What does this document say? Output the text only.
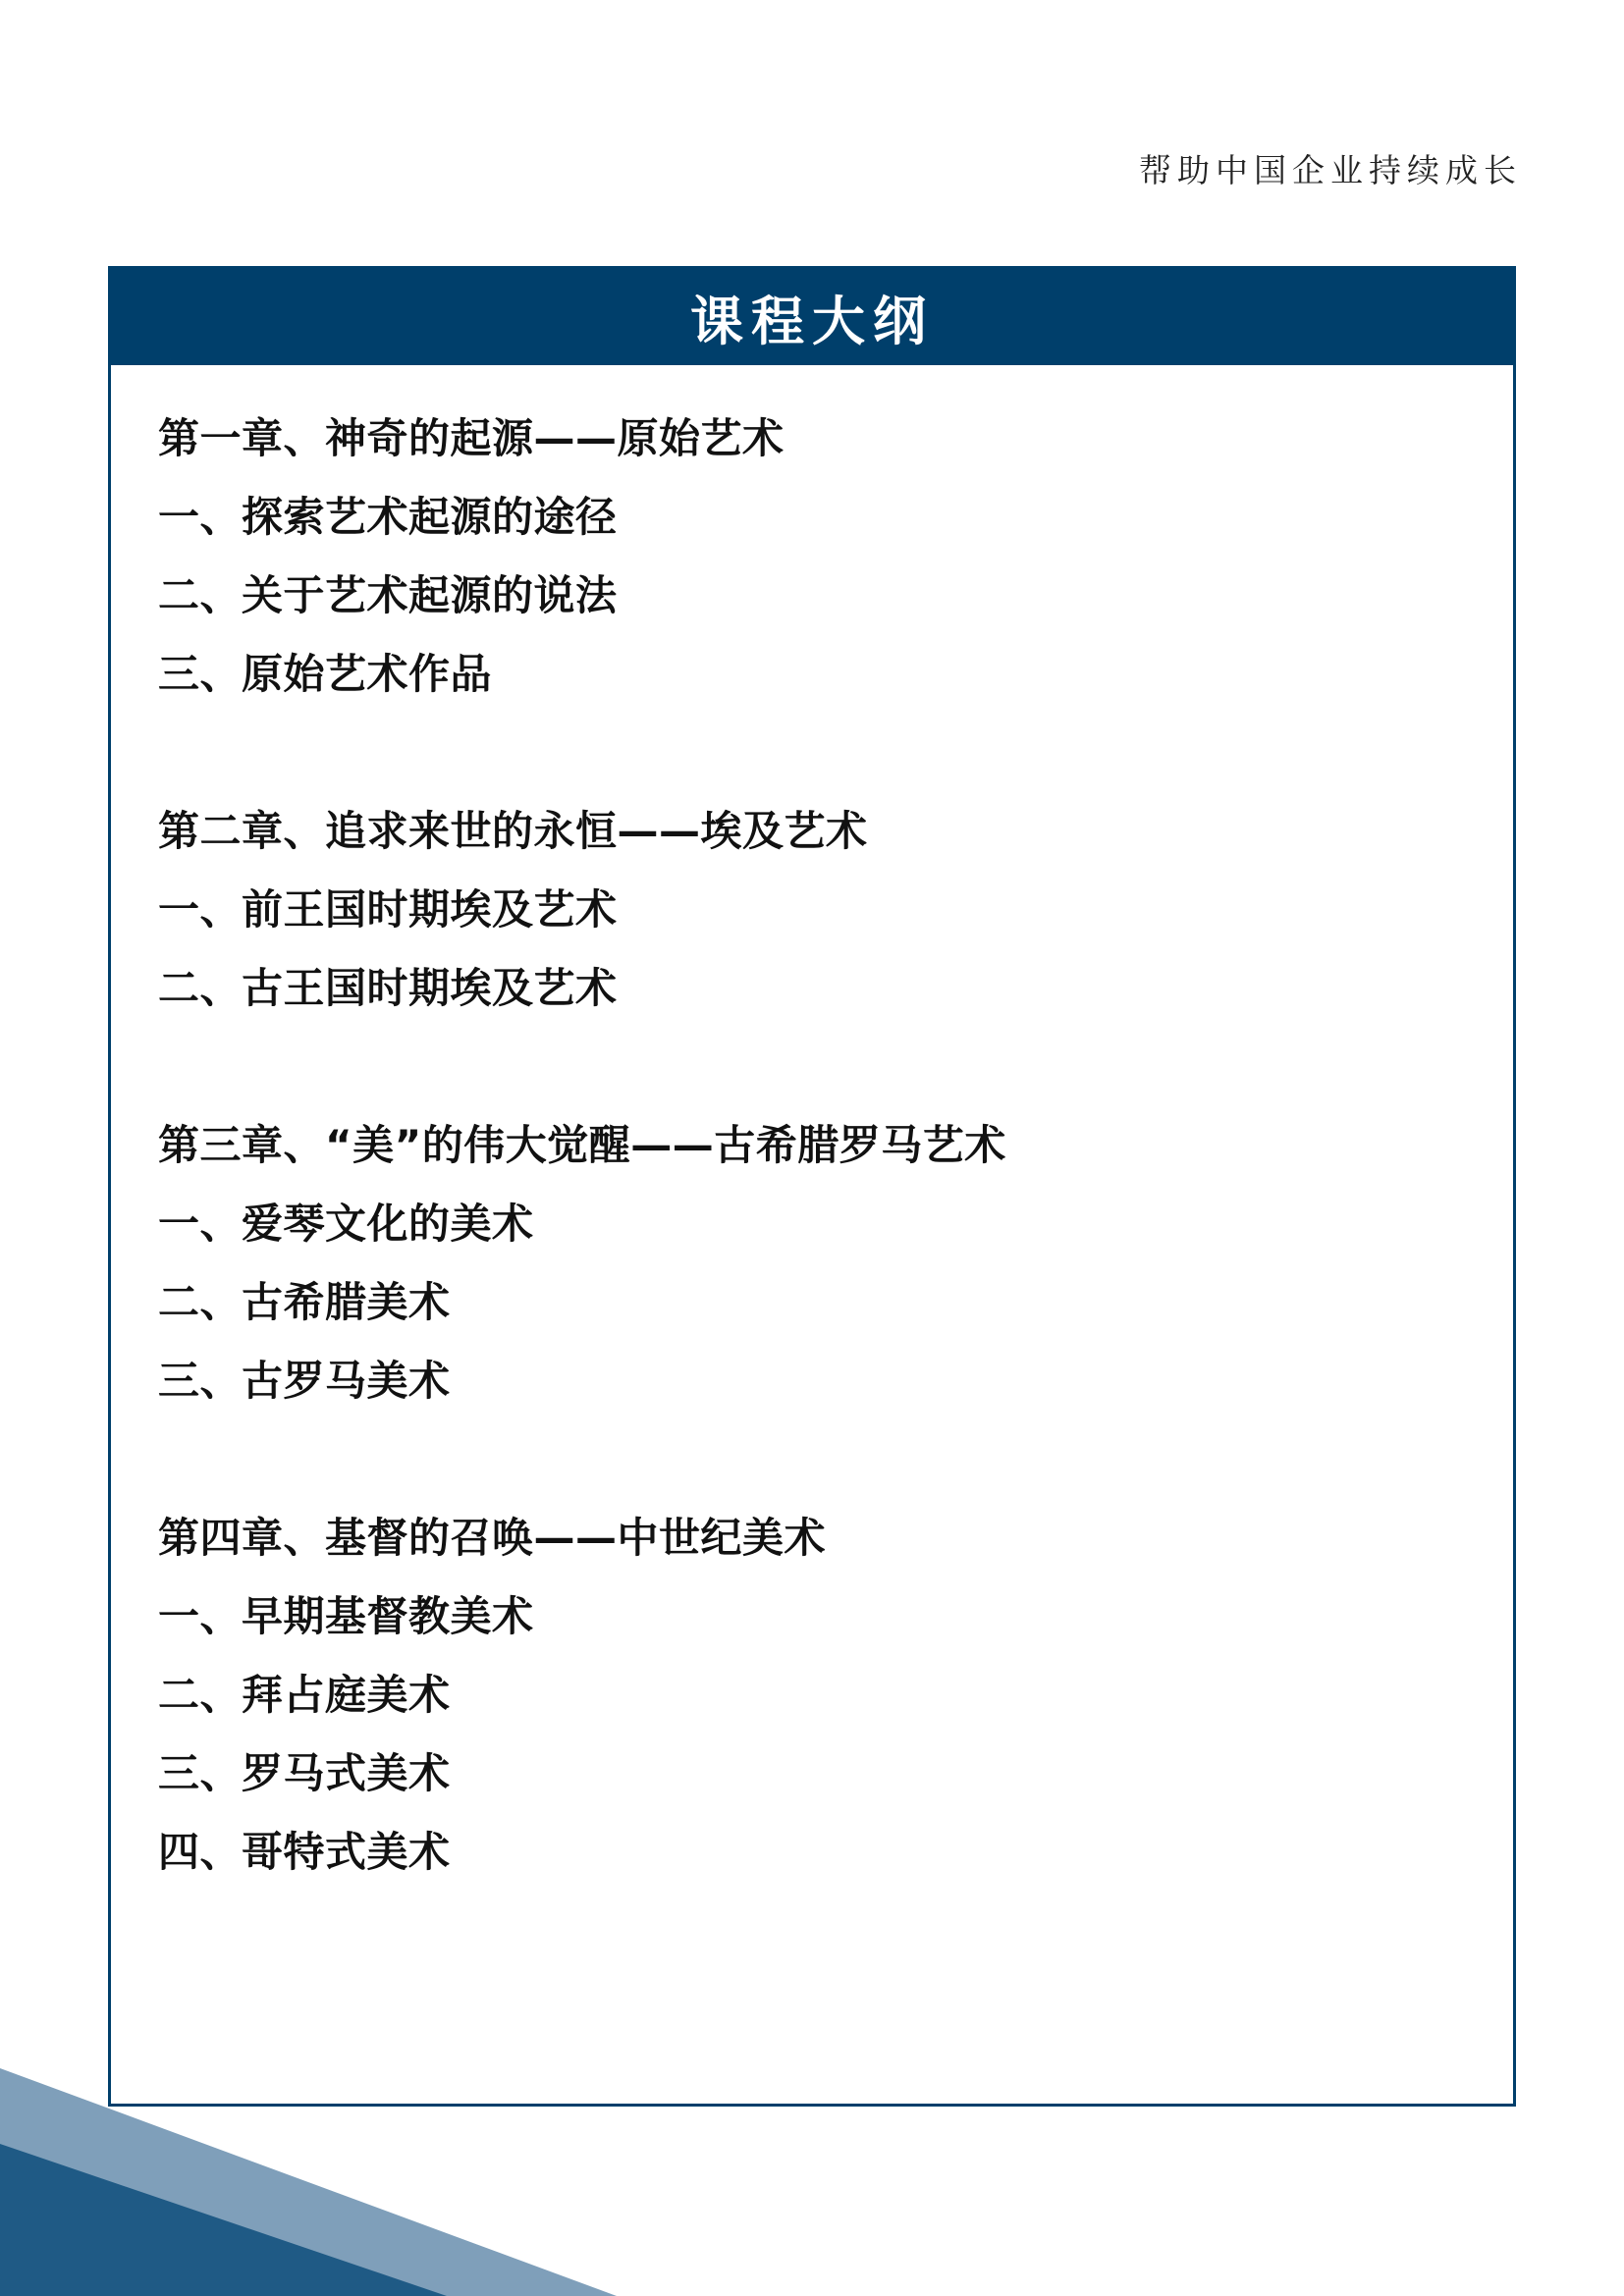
帮助中国企业持续成长
课程大纲
第一章、神奇的起源——原始艺术
一、探索艺术起源的途径
二、关于艺术起源的说法
三、原始艺术作品
第二章、追求来世的永恒——埃及艺术
一、前王国时期埃及艺术
二、古王国时期埃及艺术
第三章、“美”的伟大觉醒——古希腊罗马艺术
一、爱琴文化的美术
二、古希腊美术
三、古罗马美术
第四章、基督的召唤——中世纪美术
一、早期基督教美术
二、拜占庭美术
三、罗马式美术
四、哥特式美术
